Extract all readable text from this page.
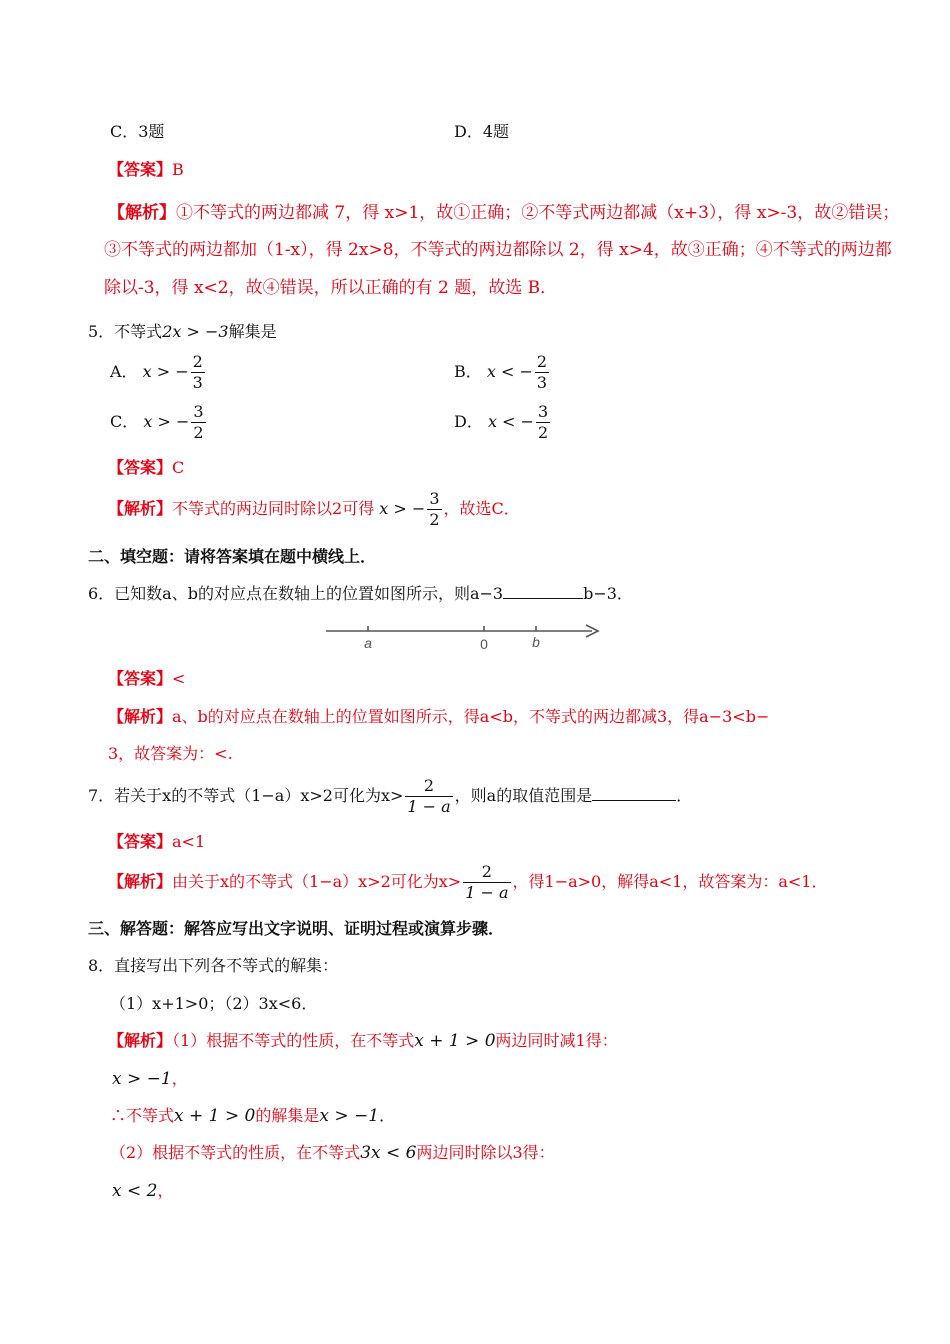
C．3题	D．4题
【答案】B
【解析】①不等式的两边都减 7，得 x>1，故①正确；②不等式两边都减（x+3），得 x>-3，故②错误；
③不等式的两边都加（1-x），得 2x>8，不等式的两边都除以 2，得 x>4，故③正确；④不等式的两边都
除以-3，得 x<2，故④错误，所以正确的有 2 题，故选 B．
5．不等式2x > −3解集是
A． x > − $\frac{2}{3}$	B． x < − $\frac{2}{3}$
C． x > − $\frac{3}{2}$	D． x < − $\frac{3}{2}$
【答案】C
【解析】不等式的两边同时除以2可得 x > − $\frac{3}{2}$ ，故选C．
二、填空题：请将答案填在题中横线上．
6．已知数a、b的对应点在数轴上的位置如图所示，则a−3	b−3．
a	0	b
【答案】<
【解析】a、b的对应点在数轴上的位置如图所示，得a<b，不等式的两边都减3，得a−3<b−
3，故答案为：<.
7．若关于x的不等式（1−a）x>2可化为$x> \frac{2}{1 - a}$ ，则a的取值范围是	．
【答案】a<1
【解析】由关于x的不等式（1−a）x>2可化为$x> \frac{2}{1 - a}$ ，得1−a>0，解得a<1，故答案为：a<1．
三、解答题：解答应写出文字说明、证明过程或演算步骤．
8．直接写出下列各不等式的解集：
（1）x+1>0；（2）3x<6．
【解析】（1）根据不等式的性质，在不等式x + 1 > 0两边同时减1得：
x > −1，
∴不等式x + 1 > 0的解集是x > −1．
（2）根据不等式的性质，在不等式3x < 6两边同时除以3得：
x < 2，
